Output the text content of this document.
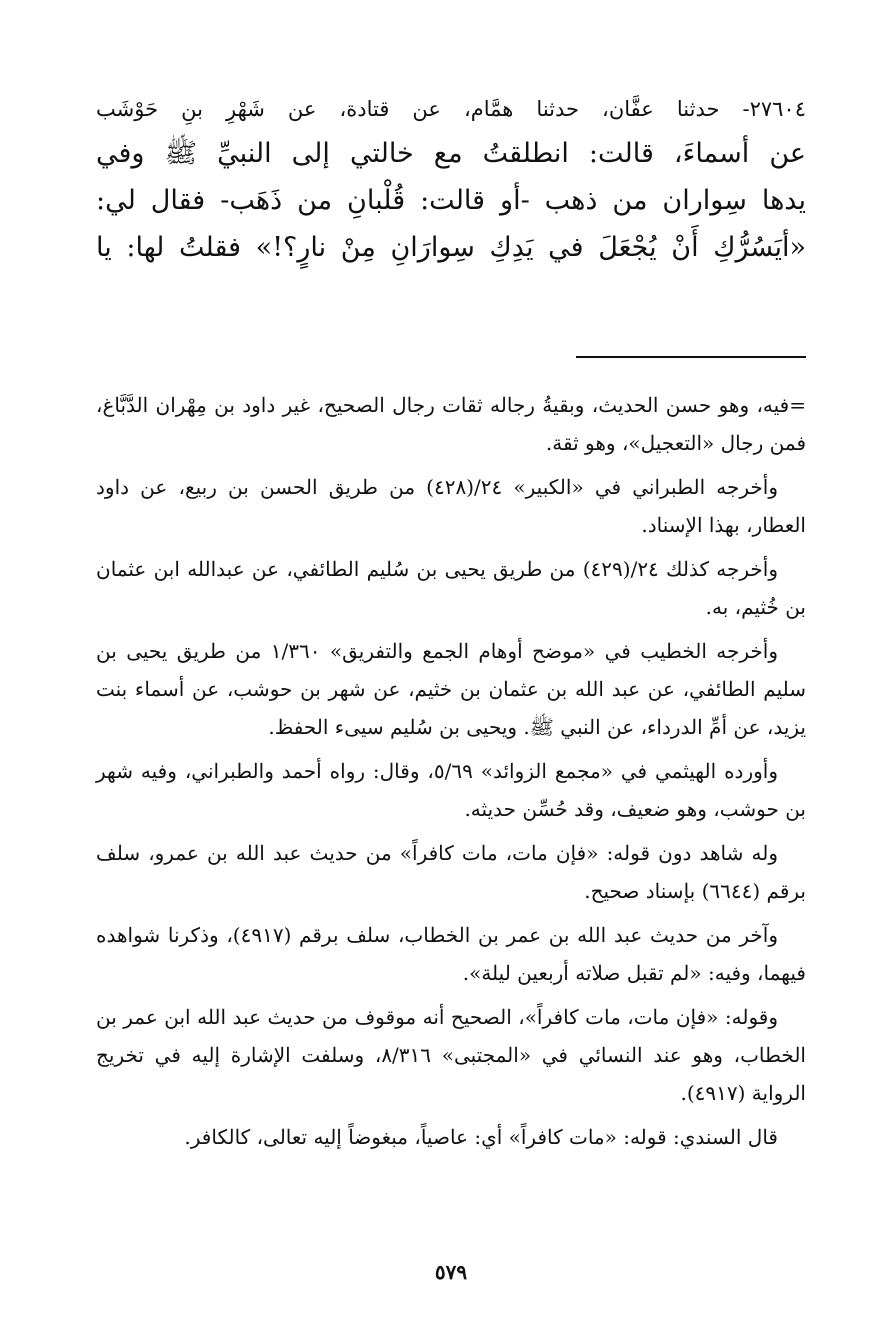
٢٧٦٠٤- حدثنا عفَّان، حدثنا همَّام، عن قتادة، عن شَهْرِ بنِ حَوْشَب
عن أسماءَ، قالت: انطلقتُ مع خالتي إلى النبيِّ ﷺ وفي
يدها سِواران من ذهب -أو قالت: قُلْبانِ من ذَهَب- فقال لي:
«أيَسُرُّكِ أَنْ يُجْعَلَ في يَدِكِ سِوارَانِ مِنْ نارٍ؟!» فقلتُ لها: يا

=فيه، وهو حسن الحديث، وبقيةُ رجاله ثقات رجال الصحيح، غير داود بن مِهْران الدَّبَّاغ، فمن رجال «التعجيل»، وهو ثقة.

وأخرجه الطبراني في «الكبير» ٢٤/(٤٢٨) من طريق الحسن بن ربيع، عن داود العطار، بهذا الإسناد.

وأخرجه كذلك ٢٤/(٤٢٩) من طريق يحيى بن سُليم الطائفي، عن عبدالله ابن عثمان بن خُثيم، به.

وأخرجه الخطيب في «موضح أوهام الجمع والتفريق» ١/٣٦٠ من طريق يحيى بن سليم الطائفي، عن عبد الله بن عثمان بن خثيم، عن شهر بن حوشب، عن أسماء بنت يزيد، عن أمِّ الدرداء، عن النبي ﷺ. ويحيى بن سُليم سيىء الحفظ.

وأورده الهيثمي في «مجمع الزوائد» ٥/٦٩، وقال: رواه أحمد والطبراني، وفيه شهر بن حوشب، وهو ضعيف، وقد حُسِّن حديثه.

وله شاهد دون قوله: «فإن مات، مات كافراً» من حديث عبد الله بن عمرو، سلف برقم (٦٦٤٤) بإسناد صحيح.

وآخر من حديث عبد الله بن عمر بن الخطاب، سلف برقم (٤٩١٧)، وذكرنا شواهده فيهما، وفيه: «لم تقبل صلاته أربعين ليلة».

وقوله: «فإن مات، مات كافراً»، الصحيح أنه موقوف من حديث عبد الله ابن عمر بن الخطاب، وهو عند النسائي في «المجتبى» ٨/٣١٦، وسلفت الإشارة إليه في تخريج الرواية (٤٩١٧).

قال السندي: قوله: «مات كافراً» أي: عاصياً، مبغوضاً إليه تعالى، كالكافر.

٥٧٩
